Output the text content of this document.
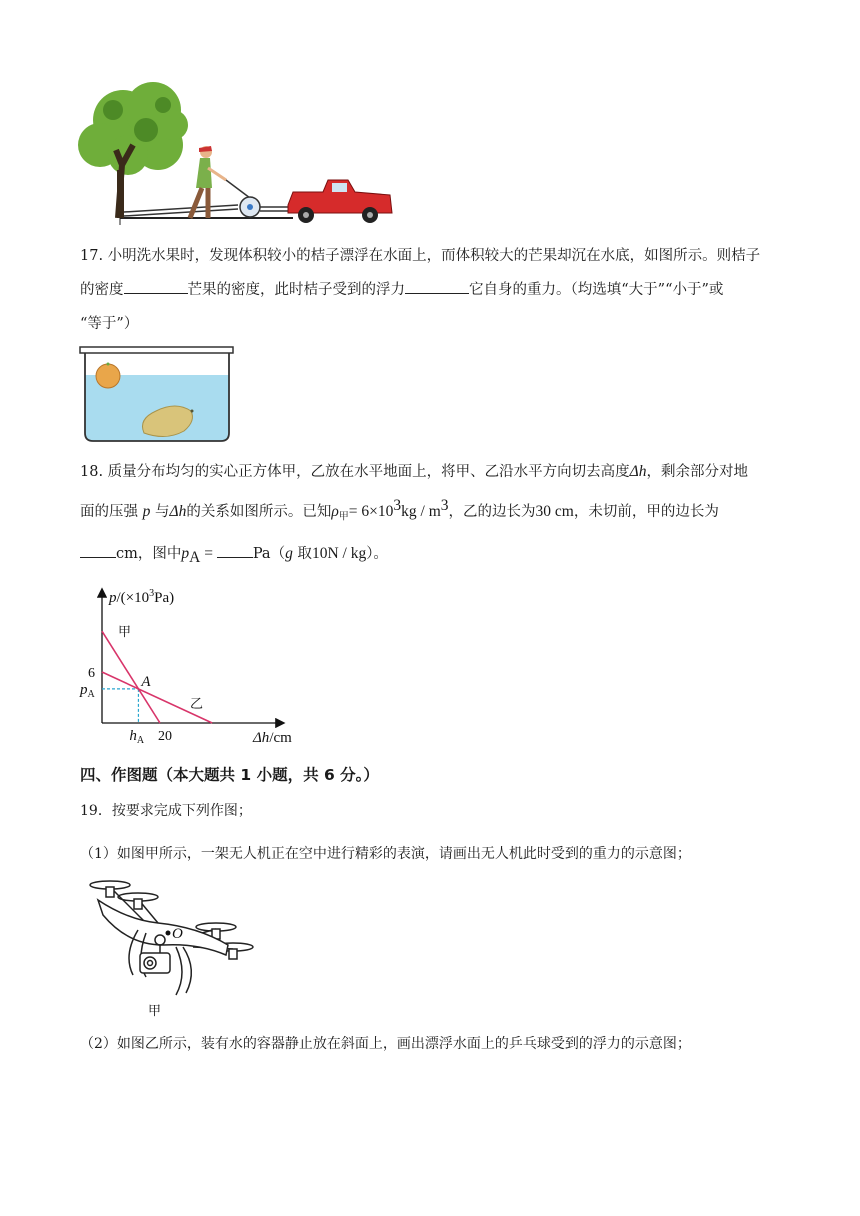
17. 小明洗水果时，发现体积较小的桔子漂浮在水面上，而体积较大的芒果却沉在水底，如图所示。则桔子
的密度	芒果的密度，此时桔子受到的浮力	它自身的重力。（均选填“大于”“小于”或
“等于”）
18. 质量分布均匀的实心正方体甲，乙放在水平地面上，将甲、乙沿水平方向切去高度Δh，剩余部分对地
面的压强 p 与Δh的关系如图所示。已知$\rho_甲= 6\times 10^3kg / m^3$，乙的边长为30 cm，未切前，甲的边长为
cm，图中$p_A = Pa(g$ 取10N / kg）。
$p/(\times 10^3Pa)$
甲
乙
A
6
$p_A$
$h_A$ 20	Δh/cm
四、作图题（本大题共 1 小题，共 6 分。）
19．按要求完成下列作图；
（1）如图甲所示，一架无人机正在空中进行精彩的表演，请画出无人机此时受到的重力的示意图；
O
甲
（2）如图乙所示，装有水的容器静止放在斜面上，画出漂浮水面上的乒乓球受到的浮力的示意图；
